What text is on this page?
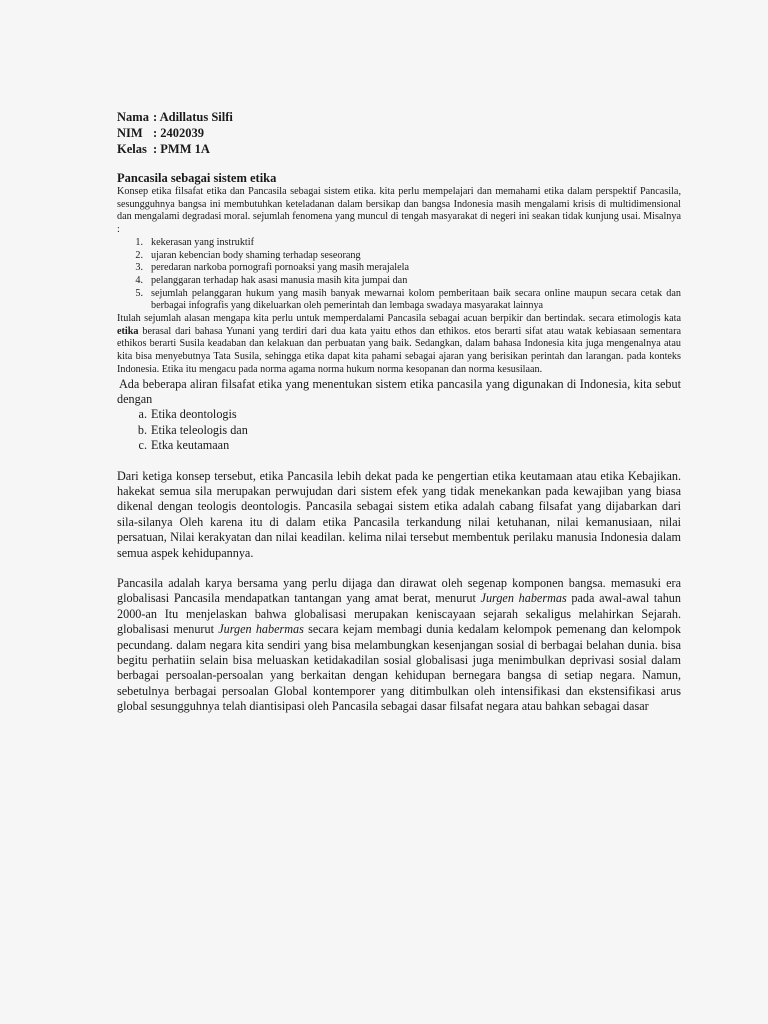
Nama : Adillatus Silfi
NIM : 2402039
Kelas : PMM 1A
Pancasila sebagai sistem etika

Konsep etika filsafat etika dan Pancasila sebagai sistem etika. kita perlu mempelajari dan memahami etika dalam perspektif Pancasila, sesungguhnya bangsa ini membutuhkan keteladanan dalam bersikap dan bangsa Indonesia masih mengalami krisis di multidimensional dan mengalami degradasi moral. sejumlah fenomena yang muncul di tengah masyarakat di negeri ini seakan tidak kunjung usai. Misalnya :

1. kekerasan yang instruktif
2. ujaran kebencian body shaming terhadap seseorang
3. peredaran narkoba pornografi pornoaksi yang masih merajalela
4. pelanggaran terhadap hak asasi manusia masih kita jumpai dan
5. sejumlah pelanggaran hukum yang masih banyak mewarnai kolom pemberitaan baik secara online maupun secara cetak dan berbagai infografis yang dikeluarkan oleh pemerintah dan lembaga swadaya masyarakat lainnya

Itulah sejumlah alasan mengapa kita perlu untuk memperdalami Pancasila sebagai acuan berpikir dan bertindak. secara etimologis kata etika berasal dari bahasa Yunani yang terdiri dari dua kata yaitu ethos dan ethikos. etos berarti sifat atau watak kebiasaan sementara ethikos berarti Susila keadaban dan kelakuan dan perbuatan yang baik. Sedangkan, dalam bahasa Indonesia kita juga mengenalnya atau kita bisa menyebutnya Tata Susila, sehingga etika dapat kita pahami sebagai ajaran yang berisikan perintah dan larangan. pada konteks Indonesia. Etika itu mengacu pada norma agama norma hukum norma kesopanan dan norma kesusilaan.

Ada beberapa aliran filsafat etika yang menentukan sistem etika pancasila yang digunakan di Indonesia, kita sebut dengan

a. Etika deontologis
b. Etika teleologis dan
c. Etka keutamaan

Dari ketiga konsep tersebut, etika Pancasila lebih dekat pada ke pengertian etika keutamaan atau etika Kebajikan. hakekat semua sila merupakan perwujudan dari sistem efek yang tidak menekankan pada kewajiban yang biasa dikenal dengan teologis deontologis. Pancasila sebagai sistem etika adalah cabang filsafat yang dijabarkan dari sila-silanya Oleh karena itu di dalam etika Pancasila terkandung nilai ketuhanan, nilai kemanusiaan, nilai persatuan, Nilai kerakyatan dan nilai keadilan. kelima nilai tersebut membentuk perilaku manusia Indonesia dalam semua aspek kehidupannya.

Pancasila adalah karya bersama yang perlu dijaga dan dirawat oleh segenap komponen bangsa. memasuki era globalisasi Pancasila mendapatkan tantangan yang amat berat, menurut Jurgen habermas pada awal-awal tahun 2000-an Itu menjelaskan bahwa globalisasi merupakan keniscayaan sejarah sekaligus melahirkan Sejarah. globalisasi menurut Jurgen habermas secara kejam membagi dunia kedalam kelompok pemenang dan kelompok pecundang. dalam negara kita sendiri yang bisa melambungkan kesenjangan sosial di berbagai belahan dunia. bisa begitu perhatiin selain bisa meluaskan ketidakadilan sosial globalisasi juga menimbulkan deprivasi sosial dalam berbagai persoalan-persoalan yang berkaitan dengan kehidupan bernegara bangsa di setiap negara. Namun, sebetulnya berbagai persoalan Global kontemporer yang ditimbulkan oleh intensifikasi dan ekstensifikasi arus global sesungguhnya telah diantisipasi oleh Pancasila sebagai dasar filsafat negara atau bahkan sebagai dasar
